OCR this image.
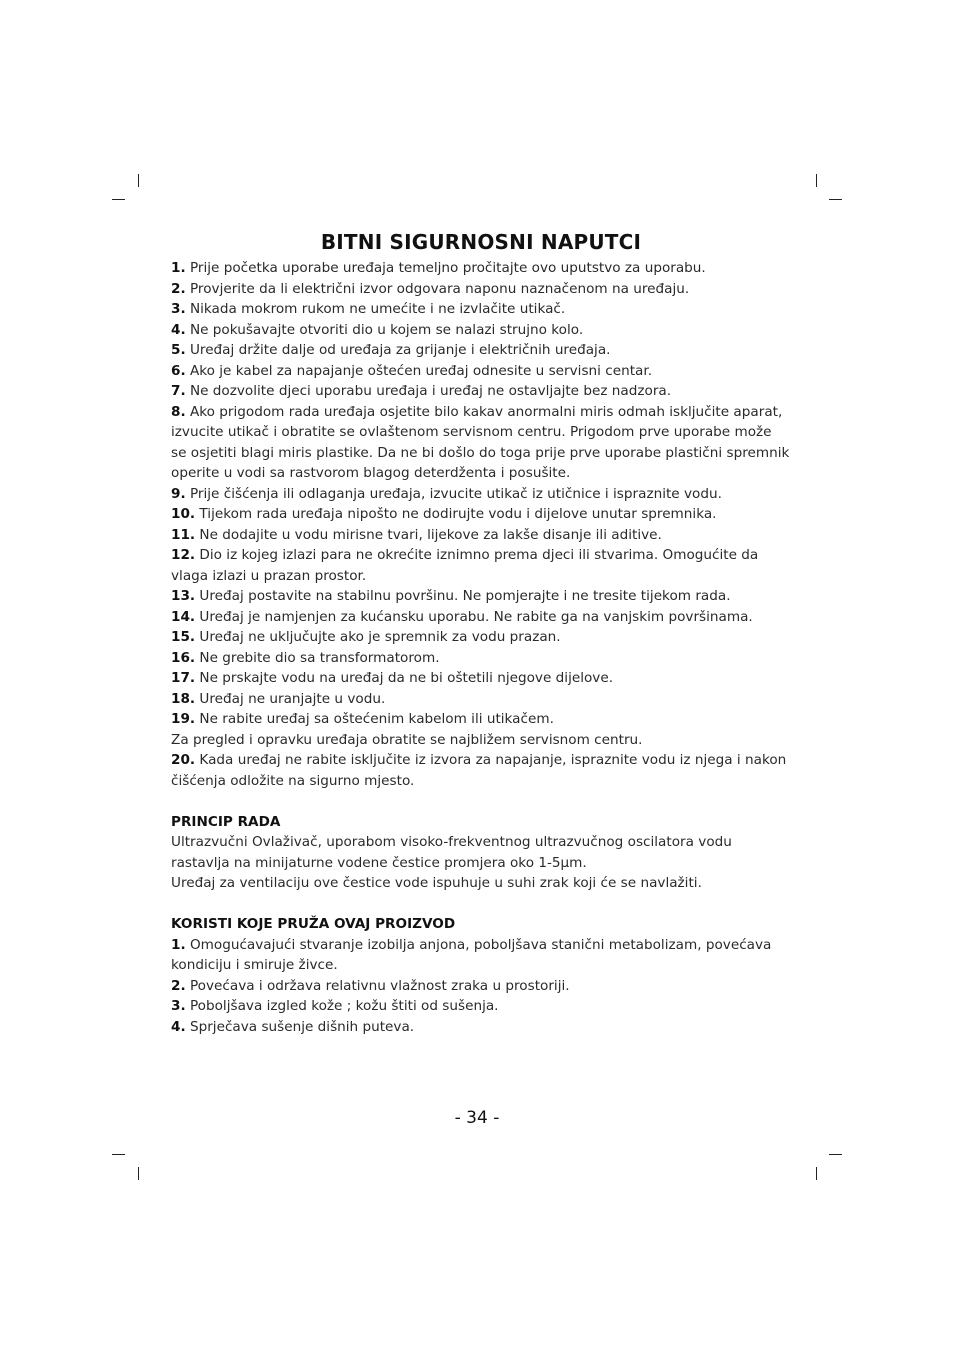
BITNI SIGURNOSNI NAPUTCI

1. Prije početka uporabe uređaja temeljno pročitajte ovo uputstvo za uporabu.

2. Provjerite da li električni izvor odgovara naponu naznačenom na uređaju.

3. Nikada mokrom rukom ne umećite i ne izvlačite utikač.

4. Ne pokušavajte otvoriti dio u kojem se nalazi strujno kolo.

5. Uređaj držite dalje od uređaja za grijanje i električnih uređaja.

6. Ako je kabel za napajanje oštećen uređaj odnesite u servisni centar.

7. Ne dozvolite djeci uporabu uređaja i uređaj ne ostavljajte bez nadzora.

8. Ako prigodom rada uređaja osjetite bilo kakav anormalni miris odmah isključite aparat, izvucite utikač i obratite se ovlaštenom servisnom centru. Prigodom prve uporabe može se osjetiti blagi miris plastike. Da ne bi došlo do toga prije prve uporabe plastični spremnik operite u vodi sa rastvorom blagog deterdženta i posušite.

9. Prije čišćenja ili odlaganja uređaja, izvucite utikač iz utičnice i ispraznite vodu.

10. Tijekom rada uređaja nipošto ne dodirujte vodu i dijelove unutar spremnika.

11. Ne dodajite u vodu mirisne tvari, lijekove za lakše disanje ili aditive.

12. Dio iz kojeg izlazi para ne okrećite iznimno prema djeci ili stvarima. Omogućite da vlaga izlazi u prazan prostor.

13. Uređaj postavite na stabilnu površinu. Ne pomjerajte i ne tresite tijekom rada.

14. Uređaj je namjenjen za kućansku uporabu. Ne rabite ga na vanjskim površinama.

15. Uređaj ne uključujte ako je spremnik za vodu prazan.

16. Ne grebite dio sa transformatorom.

17. Ne prskajte vodu na uređaj da ne bi oštetili njegove dijelove.

18. Uređaj ne uranjajte u vodu.

19. Ne rabite uređaj sa oštećenim kabelom ili utikačem.

Za pregled i opravku uređaja obratite se najbližem servisnom centru.

20. Kada uređaj ne rabite isključite iz izvora za napajanje, ispraznite vodu iz njega i nakon čišćenja odložite na sigurno mjesto.

PRINCIP RADA

Ultrazvučni Ovlaživač, uporabom visoko-frekventnog ultrazvučnog oscilatora vodu rastavlja na minijaturne vodene čestice promjera oko 1-5μm.

Uređaj za ventilaciju ove čestice vode ispuhuje u suhi zrak koji će se navlažiti.

KORISTI KOJE PRUŽA OVAJ PROIZVOD

1. Omogućavajući stvaranje izobilja anjona, poboljšava stanični metabolizam, povećava kondiciju i smiruje živce.

2. Povećava i održava relativnu vlažnost zraka u prostoriji.

3. Poboljšava izgled kože ; kožu štiti od sušenja.

4. Sprječava sušenje dišnih puteva.

- 34 -
